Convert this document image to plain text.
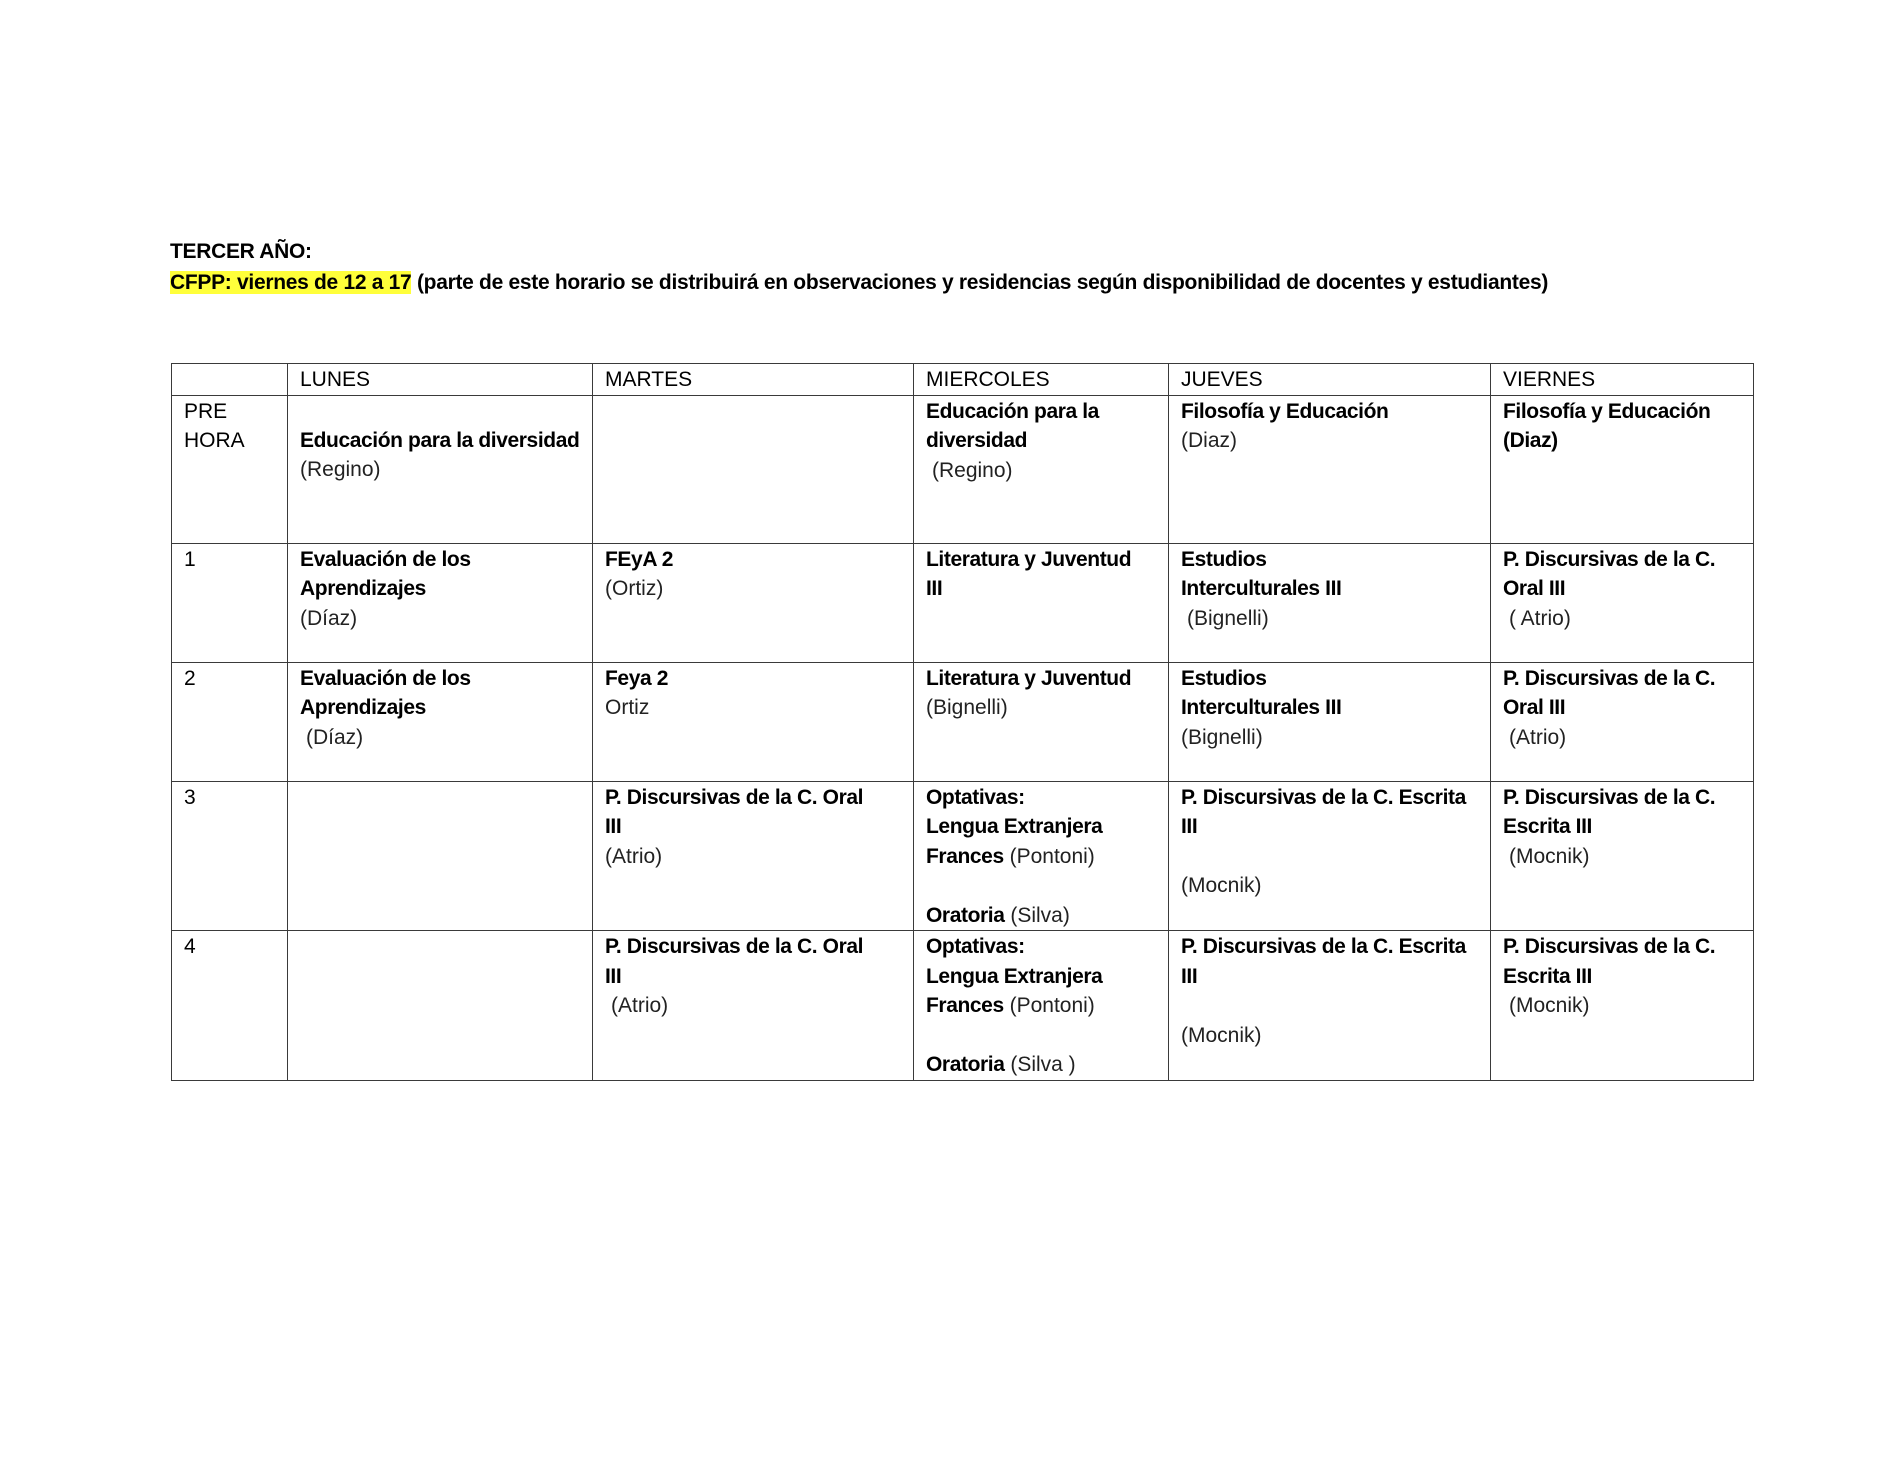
TERCER AÑO:
CFPP: viernes de 12 a 17 (parte de este horario se distribuirá en observaciones y residencias según disponibilidad de docentes y estudiantes)
	LUNES	MARTES	MIERCOLES	JUEVES	VIERNES

PRE
HORA	Educación para la diversidad
(Regino)		Educación para la
diversidad
(Regino)	Filosofía y Educación
(Diaz)	Filosofía y Educación
(Diaz)

1	Evaluación de los
Aprendizajes
(Díaz)	FEyA 2
(Ortiz)	Literatura y Juventud
III	Estudios
Interculturales III
(Bignelli)	P. Discursivas de la C.
Oral III
( Atrio)

2	Evaluación de los
Aprendizajes
(Díaz)	Feya 2
Ortiz	Literatura y Juventud
(Bignelli)	Estudios
Interculturales III
(Bignelli)	P. Discursivas de la C.
Oral III
(Atrio)

3		P. Discursivas de la C. Oral
III
(Atrio)	Optativas:
Lengua Extranjera
Frances (Pontoni)

Oratoria (Silva)	P. Discursivas de la C. Escrita
III

(Mocnik)	P. Discursivas de la C.
Escrita III
(Mocnik)

4		P. Discursivas de la C. Oral
III
(Atrio)	Optativas:
Lengua Extranjera
Frances (Pontoni)

Oratoria (Silva )	P. Discursivas de la C. Escrita
III

(Mocnik)	P. Discursivas de la C.
Escrita III
(Mocnik)
